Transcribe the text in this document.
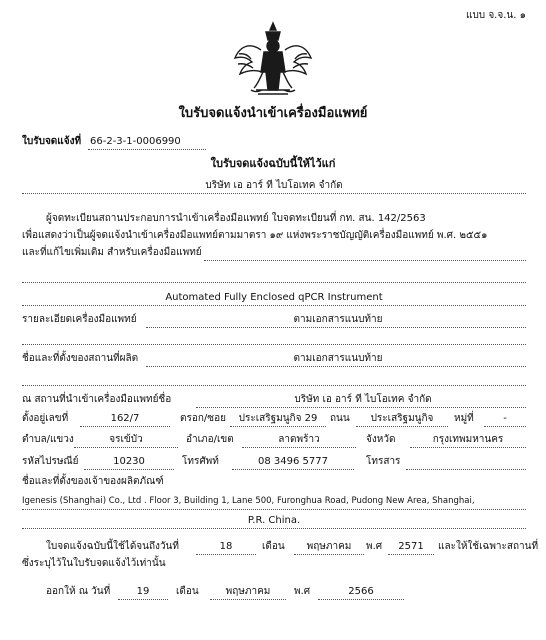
แบบ จ.จ.น. ๑
ใบรับจดแจ้งนำเข้าเครื่องมือแพทย์
ใบรับจดแจ้งที่ 66-2-3-1-0006990
ใบรับจดแจ้งฉบับนี้ให้ไว้แก่
บริษัท เอ อาร์ ที ไบโอเทค จำกัด
ผู้จดทะเบียนสถานประกอบการนำเข้าเครื่องมือแพทย์ ใบจดทะเบียนที่ กท. สน. 142/2563
เพื่อแสดงว่าเป็นผู้จดแจ้งนำเข้าเครื่องมือแพทย์ตามมาตรา ๑๙ แห่งพระราชบัญญัติเครื่องมือแพทย์ พ.ศ. ๒๕๕๑
และที่แก้ไขเพิ่มเติม สำหรับเครื่องมือแพทย์
Automated Fully Enclosed qPCR Instrument
รายละเอียดเครื่องมือแพทย์	ตามเอกสารแนบท้าย
ชื่อและที่ตั้งของสถานที่ผลิต	ตามเอกสารแนบท้าย
ณ สถานที่นำเข้าเครื่องมือแพทย์ชื่อ	บริษัท เอ อาร์ ที ไบโอเทค จำกัด
ตั้งอยู่เลขที่	162/7	ตรอก/ซอย	ประเสริฐมนูกิจ 29	ถนน	ประเสริฐมนูกิจ	หมู่ที่	-
ตำบล/แขวง	จรเข้บัว	อำเภอ/เขต	ลาดพร้าว	จังหวัด	กรุงเทพมหานคร
รหัสไปรษณีย์	10230	โทรศัพท์	08 3496 5777	โทรสาร
ชื่อและที่ตั้งของเจ้าของผลิตภัณฑ์
Igenesis (Shanghai) Co., Ltd . Floor 3, Building 1, Lane 500, Furonghua Road, Pudong New Area, Shanghai,
P.R. China.
ใบจดแจ้งฉบับนี้ใช้ได้จนถึงวันที่	18	เดือน	พฤษภาคม	พ.ศ	2571	และให้ใช้เฉพาะสถานที่
ซึ่งระบุไว้ในใบรับจดแจ้งไว้เท่านั้น
ออกให้ ณ วันที่	19	เดือน	พฤษภาคม	พ.ศ	2566
